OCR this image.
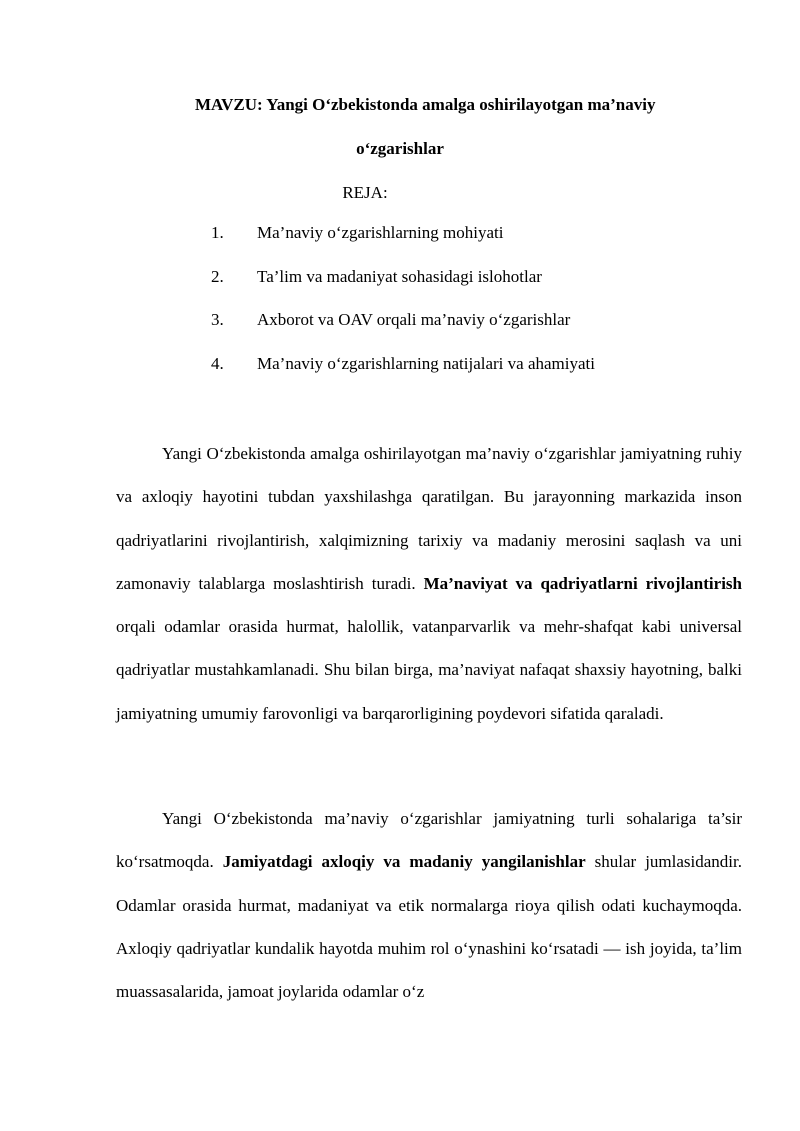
MAVZU: Yangi O‘zbekistonda amalga oshirilayotgan ma’naviy
o‘zgarishlar

REJA:

1.	Ma’naviy o‘zgarishlarning mohiyati
2.	Ta’lim va madaniyat sohasidagi islohotlar
3.	Axborot va OAV orqali ma’naviy o‘zgarishlar
4.	Ma’naviy o‘zgarishlarning natijalari va ahamiyati

Yangi O‘zbekistonda amalga oshirilayotgan ma’naviy o‘zgarishlar jamiyatning ruhiy va axloqiy hayotini tubdan yaxshilashga qaratilgan. Bu jarayonning markazida inson qadriyatlarini rivojlantirish, xalqimizning tarixiy va madaniy merosini saqlash va uni zamonaviy talablarga moslashtirish turadi. Ma’naviyat va qadriyatlarni rivojlantirish orqali odamlar orasida hurmat, halollik, vatanparvarlik va mehr-shafqat kabi universal qadriyatlar mustahkamlanadi. Shu bilan birga, ma’naviyat nafaqat shaxsiy hayotning, balki jamiyatning umumiy farovonligi va barqarorligining poydevori sifatida qaraladi.

Yangi O‘zbekistonda ma’naviy o‘zgarishlar jamiyatning turli sohalariga ta’sir ko‘rsatmoqda. Jamiyatdagi axloqiy va madaniy yangilanishlar shular jumlasidandir. Odamlar orasida hurmat, madaniyat va etik normalarga rioya qilish odati kuchaymoqda. Axloqiy qadriyatlar kundalik hayotda muhim rol o‘ynashini ko‘rsatadi — ish joyida, ta’lim muassasalarida, jamoat joylarida odamlar o‘z
